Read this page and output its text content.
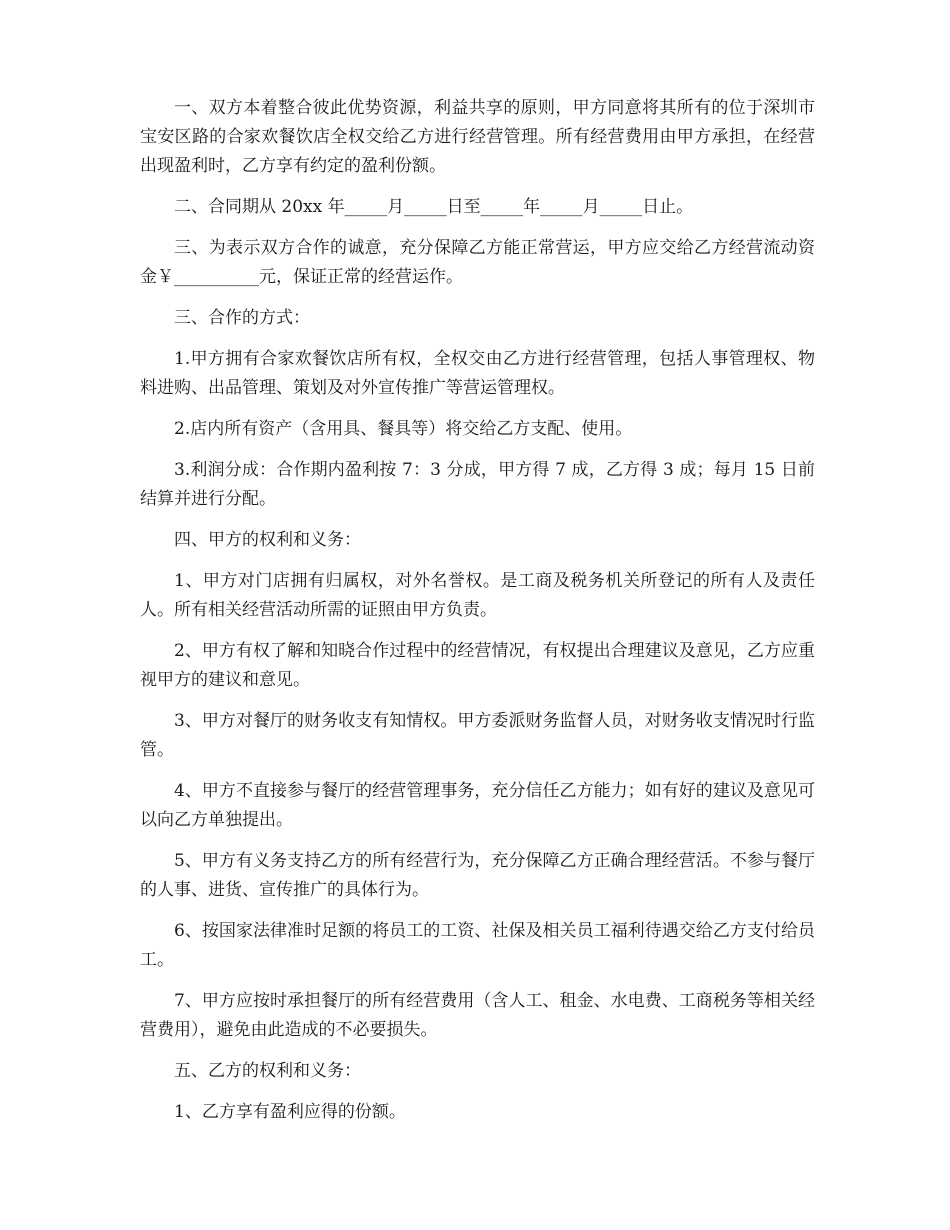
一、双方本着整合彼此优势资源，利益共享的原则，甲方同意将其所有的位于深圳市宝安区路的合家欢餐饮店全权交给乙方进行经营管理。所有经营费用由甲方承担，在经营出现盈利时，乙方享有约定的盈利份额。

二、合同期从 20xx 年_____月_____日至_____年_____月_____日止。

三、为表示双方合作的诚意，充分保障乙方能正常营运，甲方应交给乙方经营流动资金￥__________元，保证正常的经营运作。

三、合作的方式：

1.甲方拥有合家欢餐饮店所有权，全权交由乙方进行经营管理，包括人事管理权、物料进购、出品管理、策划及对外宣传推广等营运管理权。

2.店内所有资产（含用具、餐具等）将交给乙方支配、使用。

3.利润分成：合作期内盈利按 7：3 分成，甲方得 7 成，乙方得 3 成；每月 15 日前结算并进行分配。

四、甲方的权利和义务：

1、甲方对门店拥有归属权，对外名誉权。是工商及税务机关所登记的所有人及责任人。所有相关经营活动所需的证照由甲方负责。

2、甲方有权了解和知晓合作过程中的经营情况，有权提出合理建议及意见，乙方应重视甲方的建议和意见。

3、甲方对餐厅的财务收支有知情权。甲方委派财务监督人员，对财务收支情况时行监管。

4、甲方不直接参与餐厅的经营管理事务，充分信任乙方能力；如有好的建议及意见可以向乙方单独提出。

5、甲方有义务支持乙方的所有经营行为，充分保障乙方正确合理经营活。不参与餐厅的人事、进货、宣传推广的具体行为。

6、按国家法律准时足额的将员工的工资、社保及相关员工福利待遇交给乙方支付给员工。

7、甲方应按时承担餐厅的所有经营费用（含人工、租金、水电费、工商税务等相关经营费用），避免由此造成的不必要损失。

五、乙方的权利和义务：

1、乙方享有盈利应得的份额。
